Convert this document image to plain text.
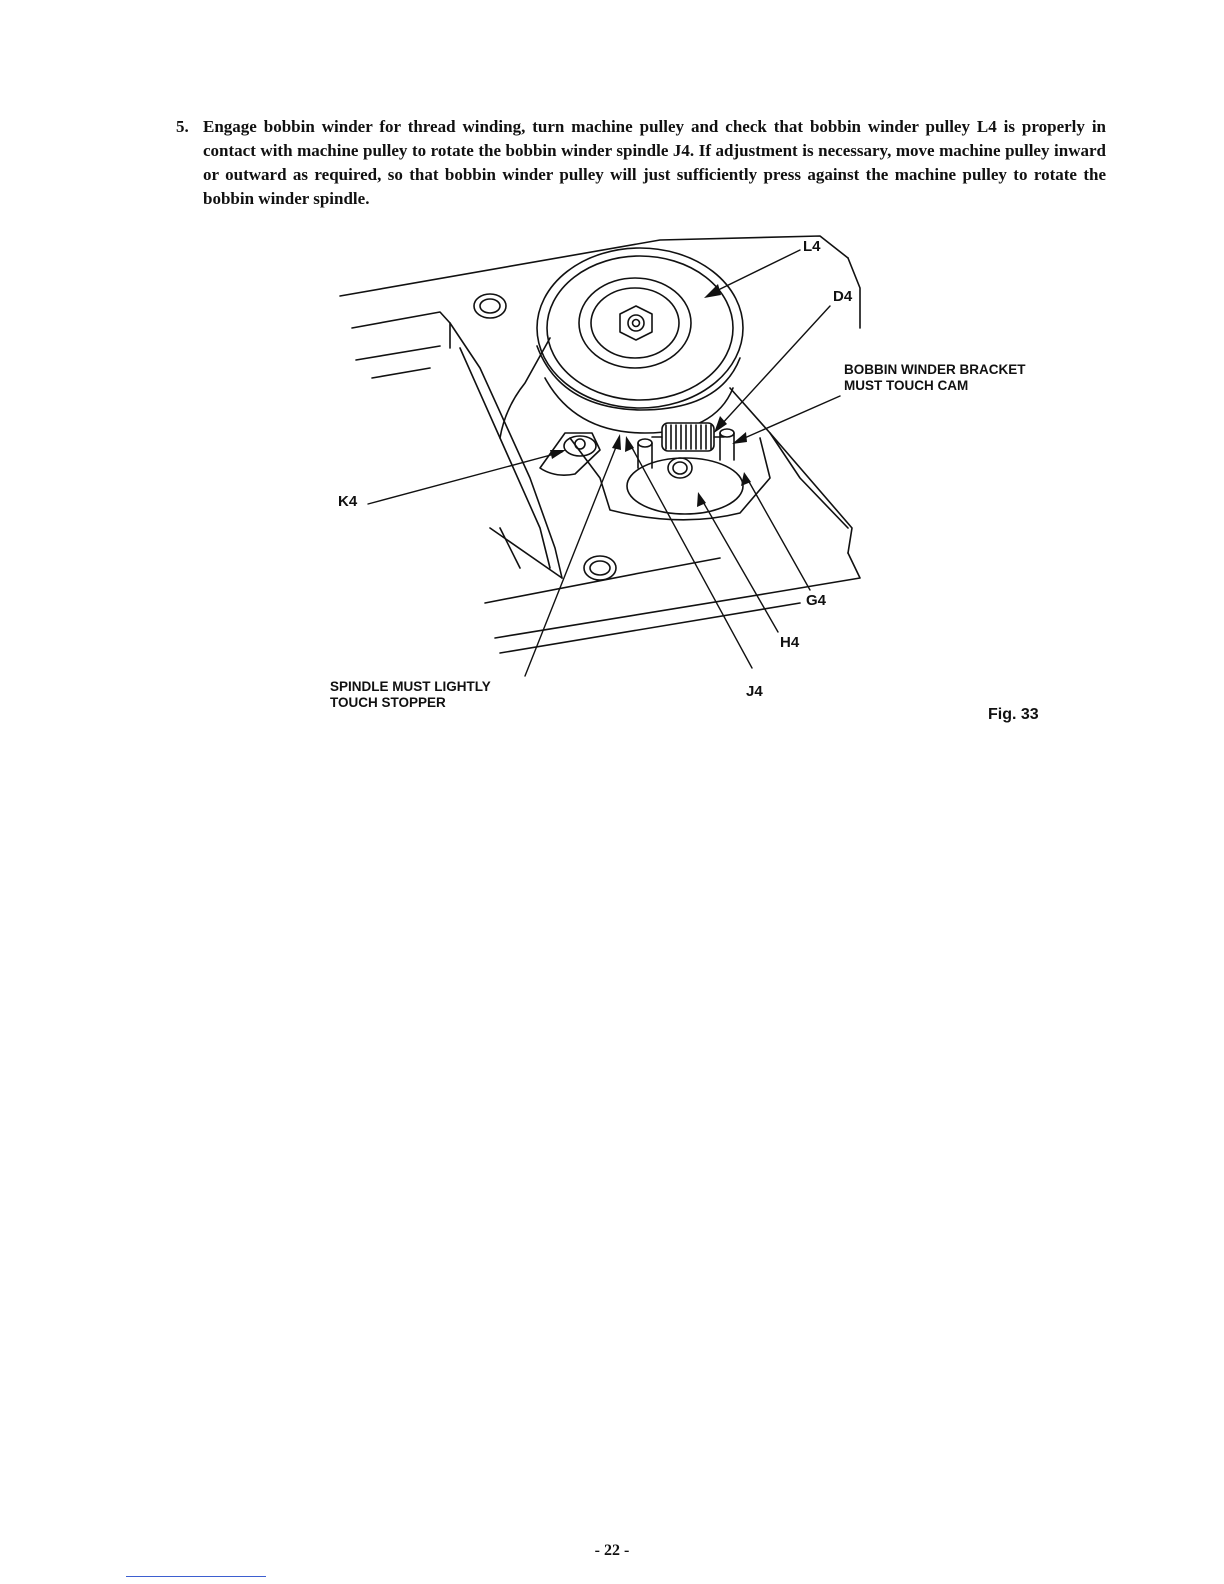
5. Engage bobbin winder for thread winding, turn machine pulley and check that bobbin winder pulley L4 is properly in contact with machine pulley to rotate the bobbin winder spindle J4. If adjustment is necessary, move machine pulley inward or outward as required, so that bobbin winder pulley will just sufficiently press against the machine pulley to rotate the bobbin winder spindle.
L4
D4
BOBBIN WINDER BRACKET
MUST TOUCH CAM
K4
G4
H4
J4
SPINDLE MUST LIGHTLY
TOUCH STOPPER
Fig. 33
- 22 -
